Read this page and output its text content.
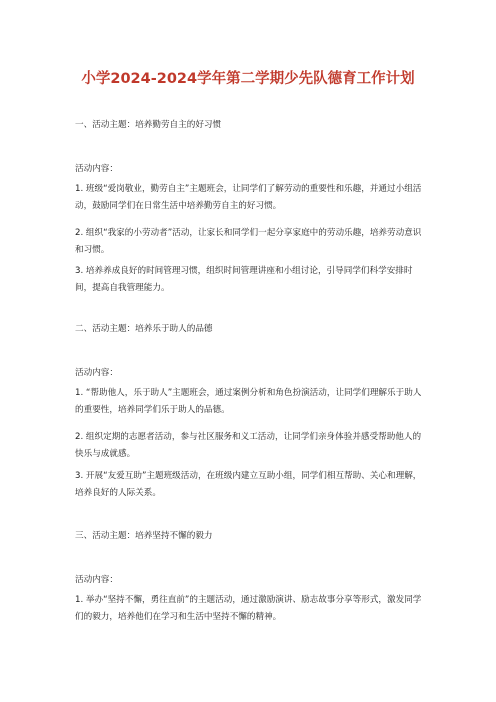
小学2024-2024学年第二学期少先队德育工作计划
一、活动主题：培养勤劳自主的好习惯
活动内容：
1. 班级“爱岗敬业，勤劳自主”主题班会，让同学们了解劳动的重要性和乐趣，并通过小组活动，鼓励同学们在日常生活中培养勤劳自主的好习惯。
2. 组织“我家的小劳动者”活动，让家长和同学们一起分享家庭中的劳动乐趣，培养劳动意识和习惯。
3. 培养养成良好的时间管理习惯，组织时间管理讲座和小组讨论，引导同学们科学安排时间，提高自我管理能力。
二、活动主题：培养乐于助人的品德
活动内容：
1. “帮助他人，乐于助人”主题班会，通过案例分析和角色扮演活动，让同学们理解乐于助人的重要性，培养同学们乐于助人的品德。
2. 组织定期的志愿者活动，参与社区服务和义工活动，让同学们亲身体验并感受帮助他人的快乐与成就感。
3. 开展“友爱互助”主题班级活动，在班级内建立互助小组，同学们相互帮助、关心和理解，培养良好的人际关系。
三、活动主题：培养坚持不懈的毅力
活动内容：
1. 举办“坚持不懈，勇往直前”的主题活动，通过激励演讲、励志故事分享等形式，激发同学们的毅力，培养他们在学习和生活中坚持不懈的精神。
